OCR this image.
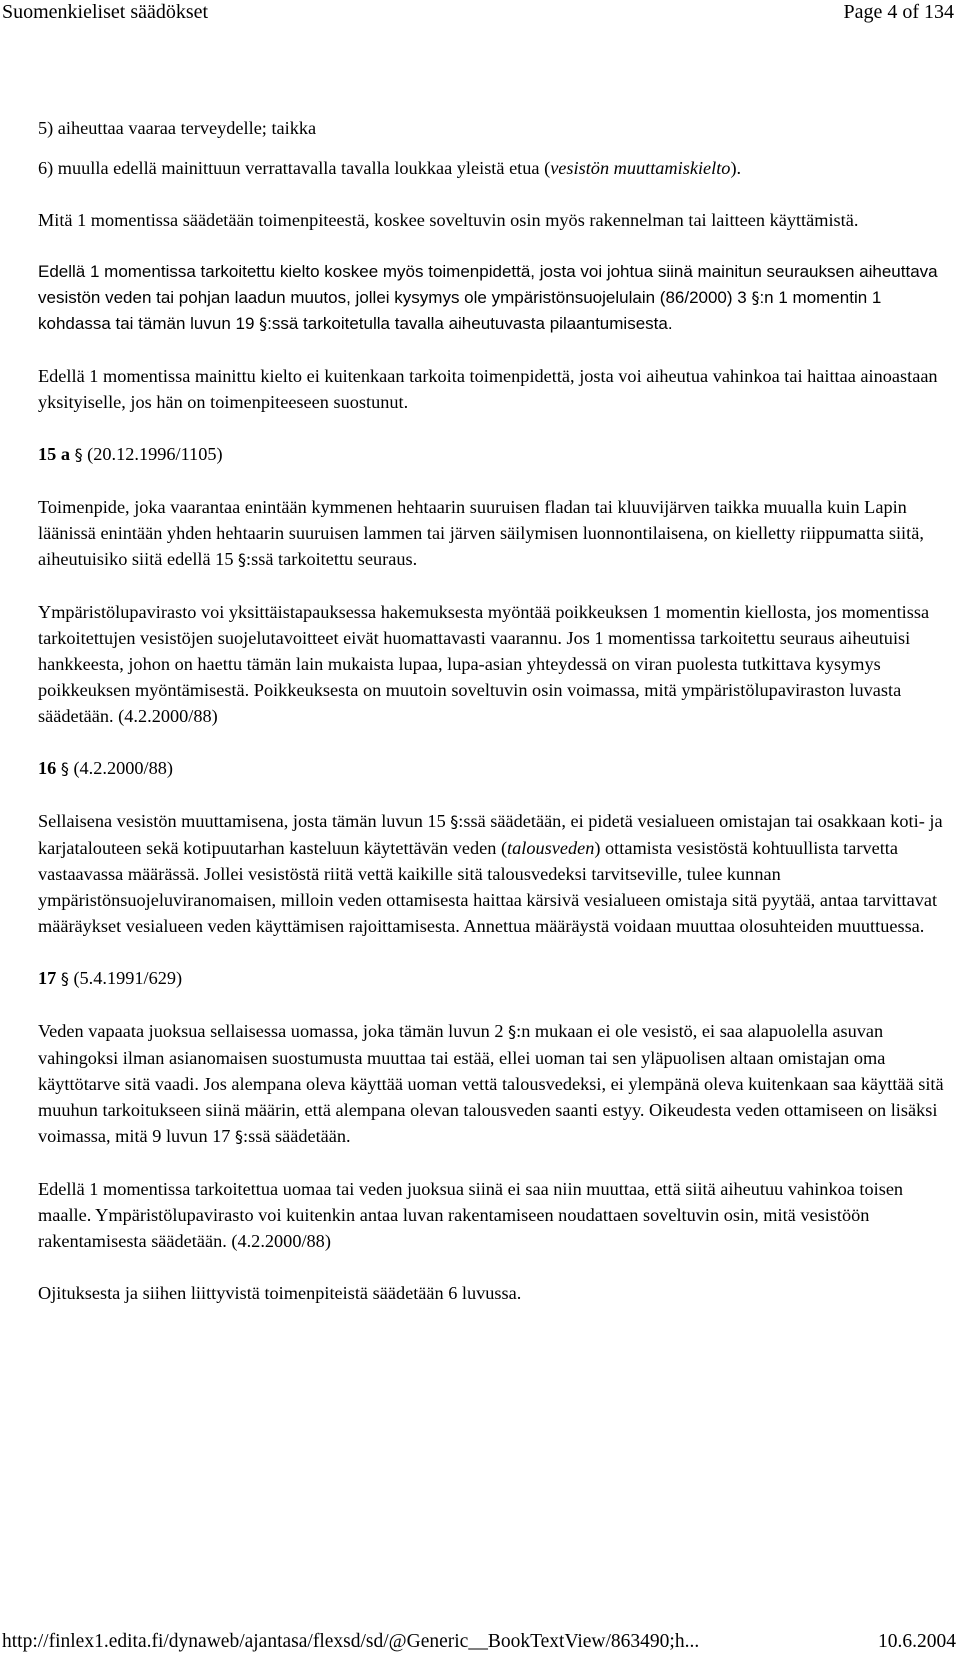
Suomenkieliset säädökset	Page 4 of 134

5) aiheuttaa vaaraa terveydelle; taikka

6) muulla edellä mainittuun verrattavalla tavalla loukkaa yleistä etua (vesistön muuttamiskielto).

Mitä 1 momentissa säädetään toimenpiteestä, koskee soveltuvin osin myös rakennelman tai laitteen käyttämistä.

Edellä 1 momentissa tarkoitettu kielto koskee myös toimenpidettä, josta voi johtua siinä mainitun seurauksen aiheuttava vesistön veden tai pohjan laadun muutos, jollei kysymys ole ympäristönsuojelulain (86/2000) 3 §:n 1 momentin 1 kohdassa tai tämän luvun 19 §:ssä tarkoitetulla tavalla aiheutuvasta pilaantumisesta.

Edellä 1 momentissa mainittu kielto ei kuitenkaan tarkoita toimenpidettä, josta voi aiheutua vahinkoa tai haittaa ainoastaan yksityiselle, jos hän on toimenpiteeseen suostunut.

15 a § (20.12.1996/1105)

Toimenpide, joka vaarantaa enintään kymmenen hehtaarin suuruisen fladan tai kluuvijärven taikka muualla kuin Lapin läänissä enintään yhden hehtaarin suuruisen lammen tai järven säilymisen luonnontilaisena, on kielletty riippumatta siitä, aiheutuisiko siitä edellä 15 §:ssä tarkoitettu seuraus.

Ympäristölupavirasto voi yksittäistapauksessa hakemuksesta myöntää poikkeuksen 1 momentin kiellosta, jos momentissa tarkoitettujen vesistöjen suojelutavoitteet eivät huomattavasti vaarannu. Jos 1 momentissa tarkoitettu seuraus aiheutuisi hankkeesta, johon on haettu tämän lain mukaista lupaa, lupa-asian yhteydessä on viran puolesta tutkittava kysymys poikkeuksen myöntämisestä. Poikkeuksesta on muutoin soveltuvin osin voimassa, mitä ympäristölupaviraston luvasta säädetään. (4.2.2000/88)

16 § (4.2.2000/88)

Sellaisena vesistön muuttamisena, josta tämän luvun 15 §:ssä säädetään, ei pidetä vesialueen omistajan tai osakkaan koti- ja karjatalouteen sekä kotipuutarhan kasteluun käytettävän veden (talousveden) ottamista vesistöstä kohtuullista tarvetta vastaavassa määrässä. Jollei vesistöstä riitä vettä kaikille sitä talousvedeksi tarvitseville, tulee kunnan ympäristönsuojeluviranomaisen, milloin veden ottamisesta haittaa kärsivä vesialueen omistaja sitä pyytää, antaa tarvittavat määräykset vesialueen veden käyttämisen rajoittamisesta. Annettua määräystä voidaan muuttaa olosuhteiden muuttuessa.

17 § (5.4.1991/629)

Veden vapaata juoksua sellaisessa uomassa, joka tämän luvun 2 §:n mukaan ei ole vesistö, ei saa alapuolella asuvan vahingoksi ilman asianomaisen suostumusta muuttaa tai estää, ellei uoman tai sen yläpuolisen altaan omistajan oma käyttötarve sitä vaadi. Jos alempana oleva käyttää uoman vettä talousvedeksi, ei ylempänä oleva kuitenkaan saa käyttää sitä muuhun tarkoitukseen siinä määrin, että alempana olevan talousveden saanti estyy. Oikeudesta veden ottamiseen on lisäksi voimassa, mitä 9 luvun 17 §:ssä säädetään.

Edellä 1 momentissa tarkoitettua uomaa tai veden juoksua siinä ei saa niin muuttaa, että siitä aiheutuu vahinkoa toisen maalle. Ympäristölupavirasto voi kuitenkin antaa luvan rakentamiseen noudattaen soveltuvin osin, mitä vesistöön rakentamisesta säädetään. (4.2.2000/88)

Ojituksesta ja siihen liittyvistä toimenpiteistä säädetään 6 luvussa.

http://finlex1.edita.fi/dynaweb/ajantasa/flexsd/sd/@Generic__BookTextView/863490;h...	10.6.2004
